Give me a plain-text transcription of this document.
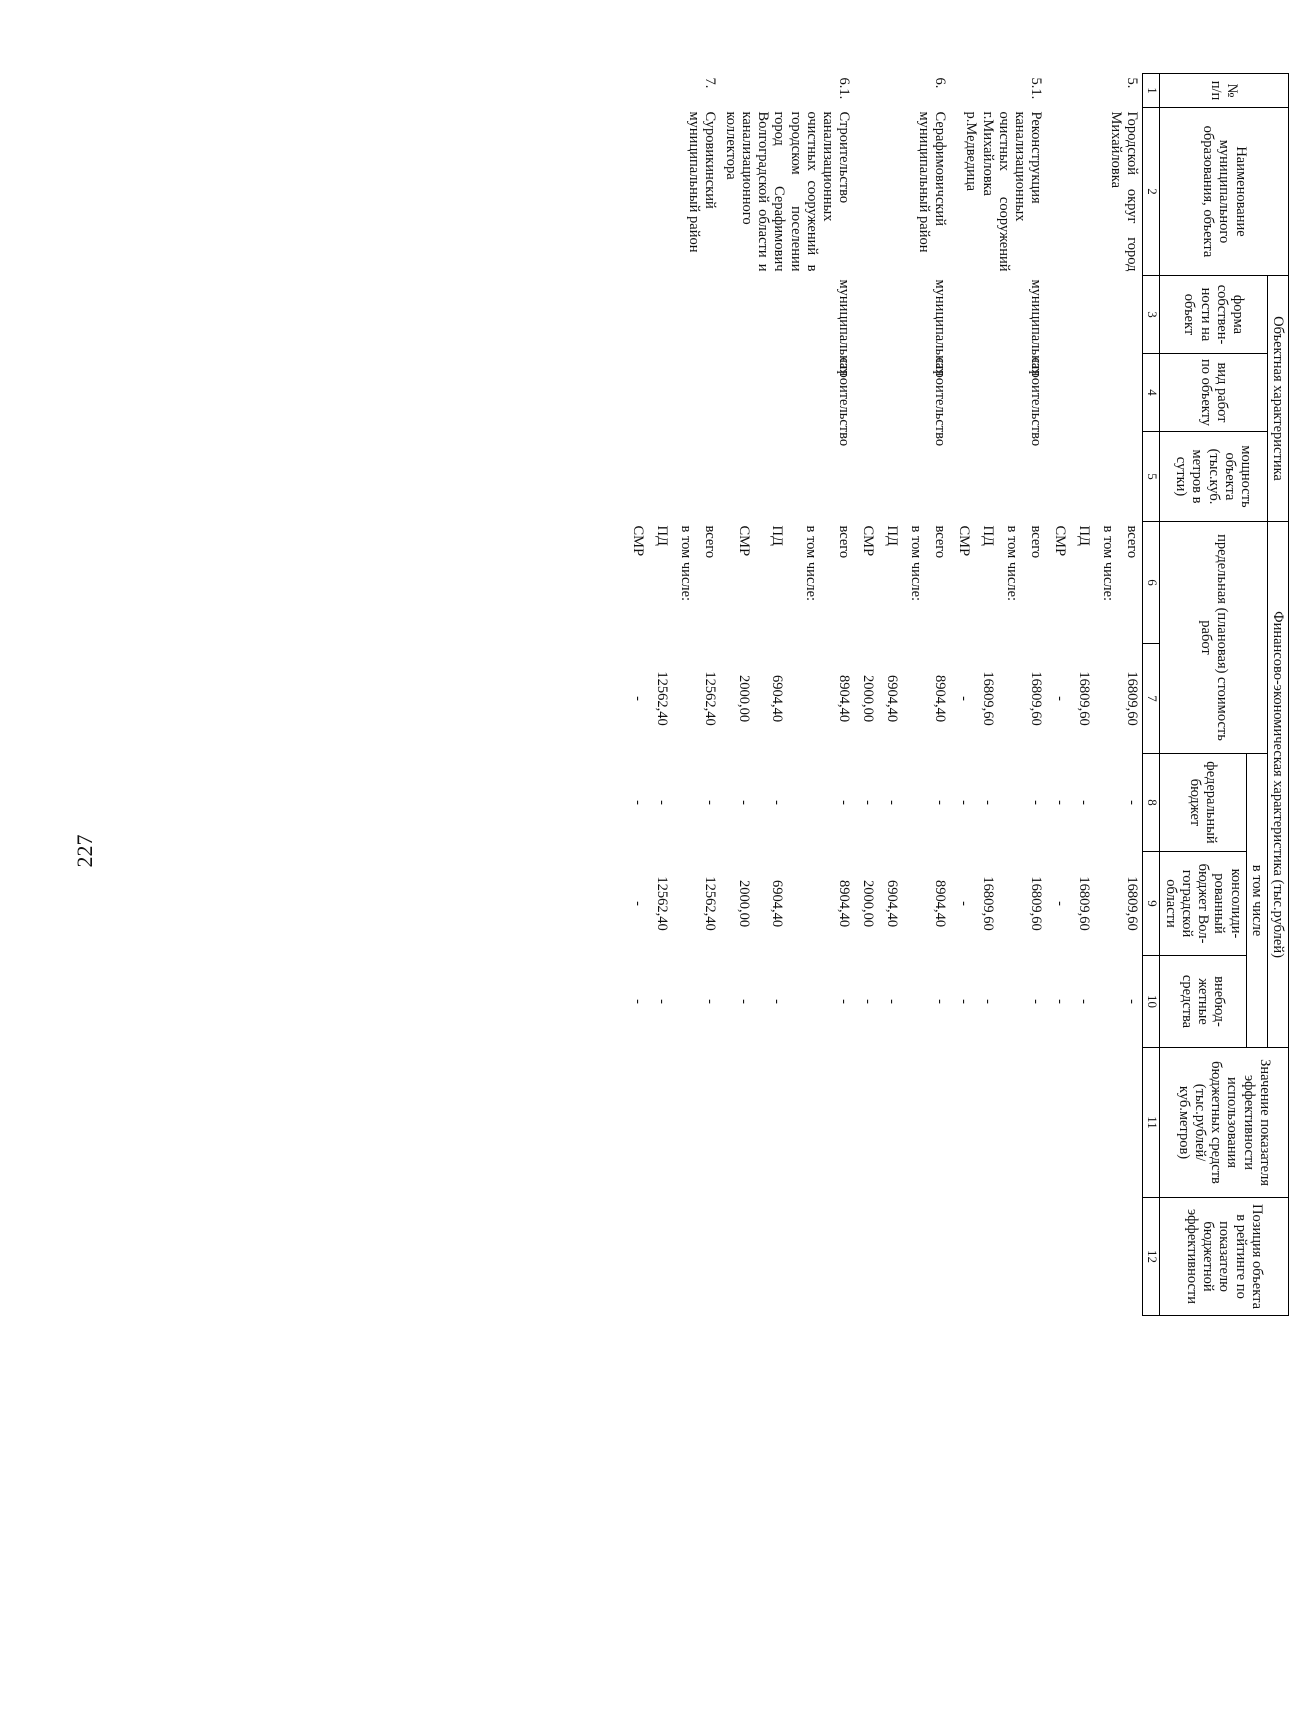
227
№ п/п	Наименование муниципального образования, объекта	Объектная характеристика			Финансово-экономическая характеристика (тыс.рублей)					Значение показателя эффективности использования бюджетных средств (тыс.рублей/ куб.метров)	Позиция объекта в рейтинге по показателю бюджетной эффективности	
		форма собствен-ности на объект	вид работ по объекту	мощность объекта (тыс.куб. метров в сутки)	предельная (плановая) стоимость работ		в том числе					
							федеральный бюджет	консолиди-рованный бюджет Вол-гоградской области	внебюд-жетные средства			
1	2	3	4	5	6	7	8	9	10	11	12	
5.	Городской округ город Михайловка				всего	16809,60	-	16809,60	-			
					в том числе:							
					ПД	16809,60	-	16809,60	-			
					СМР	-	-	-	-			
5.1.	Реконструкция канализационных очистных сооружений г.Михайловка р.Медведица	муниципальная	строительство		всего	16809,60	-	16809,60	-			
					в том числе:							
					ПД	16809,60	-	16809,60	-			
					СМР	-	-	-	-			
6.	Серафимовичский муниципальный район	муниципальная	строительство		всего	8904,40	-	8904,40	-			
					в том числе:							
					ПД	6904,40	-	6904,40	-			
					СМР	2000,00	-	2000,00	-			
6.1.	Строительство канализационных очистных сооружений в городском поселении город Серафимович Волгоградской области и канализационного коллектора	муниципальная	строительство		всего	8904,40	-	8904,40	-			
					в том числе:							
					ПД	6904,40	-	6904,40	-			
					СМР	2000,00	-	2000,00	-			
7.	Суровикинский муниципальный район				всего	12562,40	-	12562,40	-			
					в том числе:							
					ПД	12562,40	-	12562,40	-			
					СМР	-	-	-	-			
